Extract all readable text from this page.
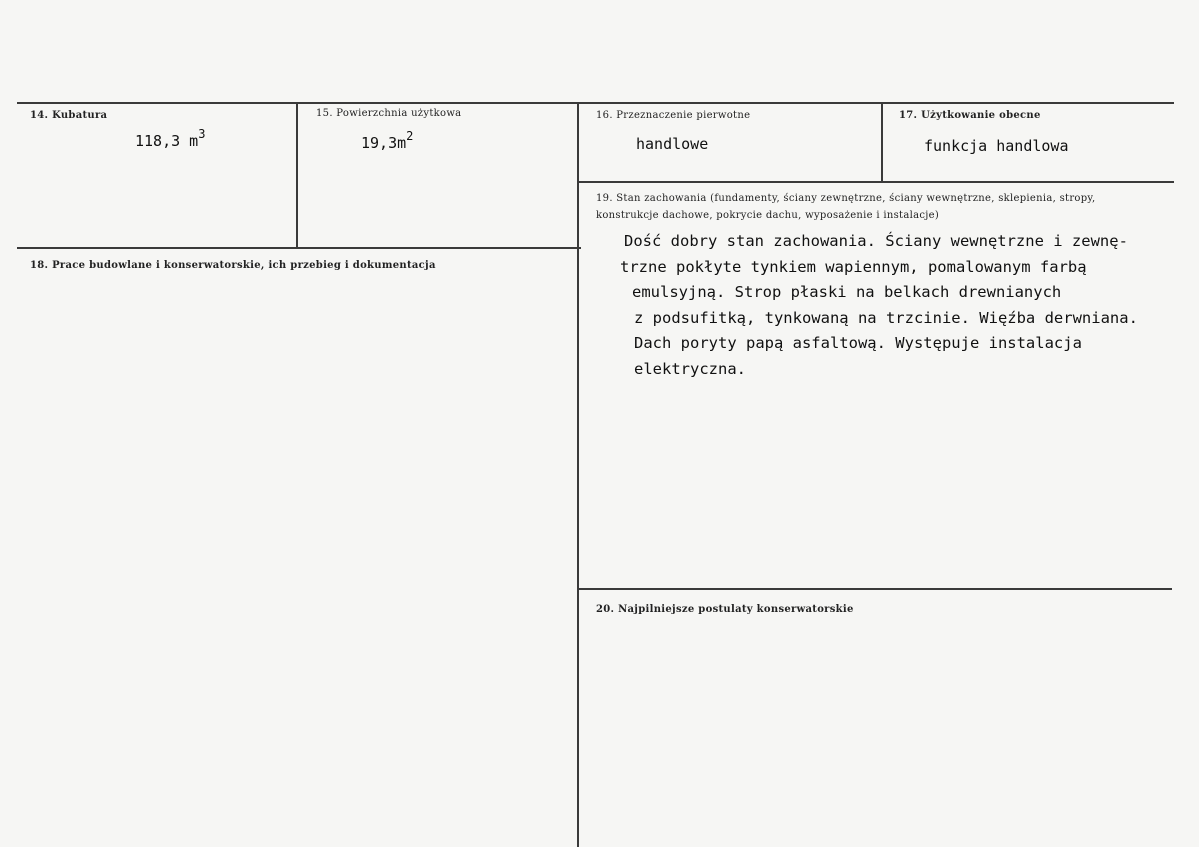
14. Kubatura
118,3 $m^3$
15. Powierzchnia użytkowa
$19,3m^2$
16. Przeznaczenie pierwotne
handlowe
17. Użytkowanie obecne
funkcja handlowa
18. Prace budowlane i konserwatorskie, ich przebieg i dokumentacja
19. Stan zachowania (fundamenty, ściany zewnętrzne, ściany wewnętrzne, sklepienia, stropy, konstrukcje dachowe, pokrycie dachu, wyposażenie i instalacje)
Dość dobry stan zachowania. Ściany wewnętrzne i zewnę-
trzne pokłyte tynkiem wapiennym, pomalowanym farbą
emulsyjną. Strop płaski na belkach drewnianych
z podsufitką, tynkowaną na trzcinie. Więźba derwniana.
Dach poryty papą asfaltową. Występuje instalacja
elektryczna.
20. Najpilniejsze postulaty konserwatorskie
